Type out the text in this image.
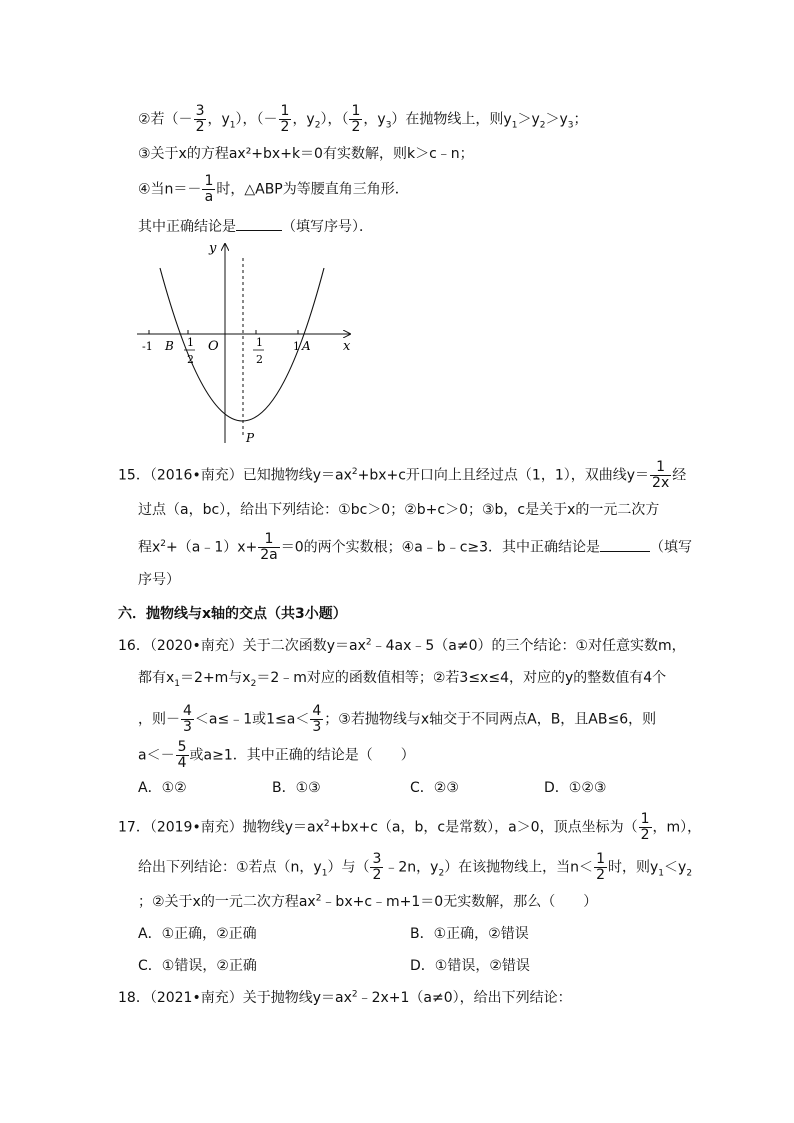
②若（－ $\frac{3}{2}$ ，$y_1$），（－ $\frac{1}{2}$ ，$y_2$），（ $\frac{1}{2}$ ，$y_3$）在抛物线上，则$y_1>y_2>y_3$；
③关于x的方程ax²+bx+k＝0有实数解，则k＞c﹣n；
④当$n=- \frac{1}{a}$ 时，△ABP为等腰直角三角形．
其中正确结论是	（填写序号）．
y
x
O
-1 B 1
2
1
2
1 A
P
15．（2016•南充）已知抛物线$y=ax^2+bx+c$开口向上且经过点（1，1），双曲线$y= \frac{1}{2x}$ 经
过点（a，bc），给出下列结论：①bc＞0；②b+c＞0；③b，c是关于x的一元二次方
程$x^2+(a﹣1)x+ \frac{1}{2a} =0$的两个实数根；④a﹣b﹣c≥3．其中正确结论是	（填写
序号）
六．抛物线与x轴的交点（共3小题）
16．（2020•南充）关于二次函数$y=ax^2﹣4ax﹣5(a\ne 0)$的三个结论：①对任意实数m，
都有$x_1=2+m$与$x_2=2﹣m$对应的函数值相等；②若3≤x≤4，对应的y的整数值有4个
，则－ $\frac{4}{3}$ ＜a≤﹣1或$1\le a< \frac{4}{3}$ ；③若抛物线与x轴交于不同两点A，B，且AB≤6，则
$a<- \frac{5}{4}$ 或a≥1．其中正确的结论是（　　）
A．①②	B．①③	C．②③	D．①②③
17．（2019•南充）抛物线$y=ax^2+bx+c(a$，b，c是常数），a＞0，顶点坐标为（ $\frac{1}{2}$ ，m），
给出下列结论：①若点（n，$y_1$）与（ $\frac{3}{2}$ ﹣2n，$y_2$）在该抛物线上，当$n< \frac{1}{2}$ 时，则$y_1<y_2$
；②关于x的一元二次方程$ax^2﹣bx+c﹣m+1=0$无实数解，那么（　　）
A．①正确，②正确	B．①正确，②错误
C．①错误，②正确	D．①错误，②错误
18．（2021•南充）关于抛物线$y=ax^2﹣2x+1(a\ne 0)$，给出下列结论：
